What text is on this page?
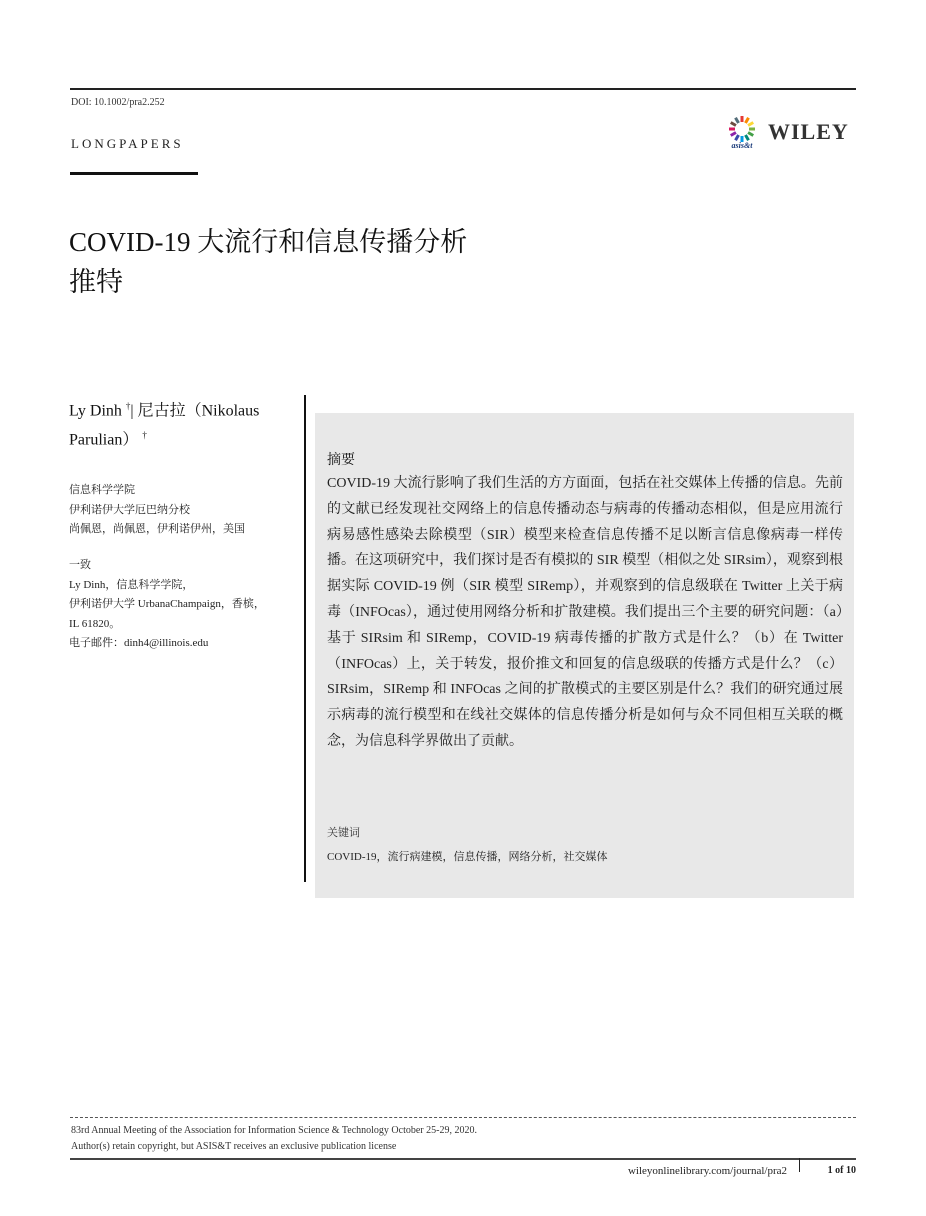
DOI: 10.1002/pra2.252
LONGPAPERS	asis&t
WILEY
COVID-19 大流行和信息传播分析
推特
Ly Dinh †| 尼古拉（Nikolaus
Parulian） †
信息科学学院
伊利诺伊大学厄巴纳分校
尚佩恩，尚佩恩，伊利诺伊州，美国
一致
Ly Dinh，信息科学学院，
伊利诺伊大学 UrbanaChampaign，香槟，
IL 61820。
电子邮件：dinh4@illinois.edu
摘要
COVID-19 大流行影响了我们生活的方方面面，包括在社交媒体上传播的信息。先前的文献已经发现社交网络上的信息传播动态与病毒的传播动态相似，但是应用流行病易感性感染去除模型（SIR）模型来检查信息传播不足以断言信息像病毒一样传播。在这项研究中，我们探讨是否有模拟的 SIR 模型（相似之处 SIRsim），观察到根据实际 COVID-19 例（SIR 模型 SIRemp），并观察到的信息级联在 Twitter 上关于病毒（INFOcas），通过使用网络分析和扩散建模。我们提出三个主要的研究问题：（a）基于 SIRsim 和 SIRemp，COVID-19 病毒传播的扩散方式是什么？（b）在 Twitter（INFOcas）上，关于转发，报价推文和回复的信息级联的传播方式是什么？（c）SIRsim，SIRemp 和 INFOcas 之间的扩散模式的主要区别是什么？我们的研究通过展示病毒的流行模型和在线社交媒体的信息传播分析是如何与众不同但相互关联的概念，为信息科学界做出了贡献。
关键词
COVID-19，流行病建模，信息传播，网络分析，社交媒体
83rd Annual Meeting of the Association for Information Science & Technology October 25-29, 2020.
Author(s) retain copyright, but ASIS&T receives an exclusive publication license
wileyonlinelibrary.com/journal/pra2	1 of 10
